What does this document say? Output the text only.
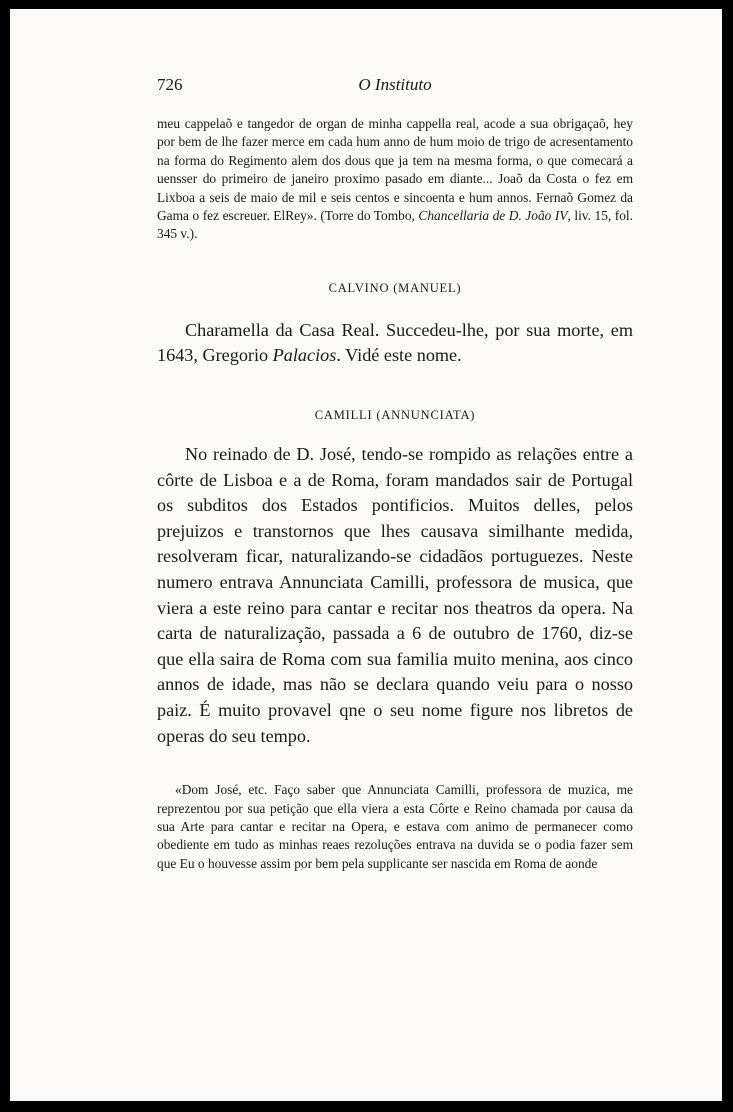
726	O Instituto

meu cappelaõ e tangedor de organ de minha cappella real, acode a sua obrigaçaõ, hey por bem de lhe fazer merce em cada hum anno de hum moio de trigo de acresentamento na forma do Regimento alem dos dous que ja tem na mesma forma, o que comecará a uensser do primeiro de janeiro proximo pasado em diante... Joaõ da Costa o fez em Lixboa a seis de maio de mil e seis centos e sincoenta e hum annos. Fernaõ Gomez da Gama o fez escreuer. ElRey». (Torre do Tombo, Chancellaria de D. João IV, liv. 15, fol. 345 v.).

CALVINO (MANUEL)

Charamella da Casa Real. Succedeu-lhe, por sua morte, em 1643, Gregorio Palacios. Vidé este nome.

CAMILLI (ANNUNCIATA)

No reinado de D. José, tendo-se rompido as relações entre a côrte de Lisboa e a de Roma, foram mandados sair de Portugal os subditos dos Estados pontificios. Muitos delles, pelos prejuizos e transtornos que lhes causava similhante medida, resolveram ficar, naturalizando-se cidadãos portuguezes. Neste numero entrava Annunciata Camilli, professora de musica, que viera a este reino para cantar e recitar nos theatros da opera. Na carta de naturalização, passada a 6 de outubro de 1760, diz-se que ella saira de Roma com sua familia muito menina, aos cinco annos de idade, mas não se declara quando veiu para o nosso paiz. É muito provavel qne o seu nome figure nos libretos de operas do seu tempo.

«Dom José, etc. Faço saber que Annunciata Camilli, professora de muzica, me reprezentou por sua petição que ella viera a esta Côrte e Reino chamada por causa da sua Arte para cantar e recitar na Opera, e estava com animo de permanecer como obediente em tudo as minhas reaes rezoluções entrava na duvida se o podia fazer sem que Eu o houvesse assim por bem pela supplicante ser nascida em Roma de aonde
